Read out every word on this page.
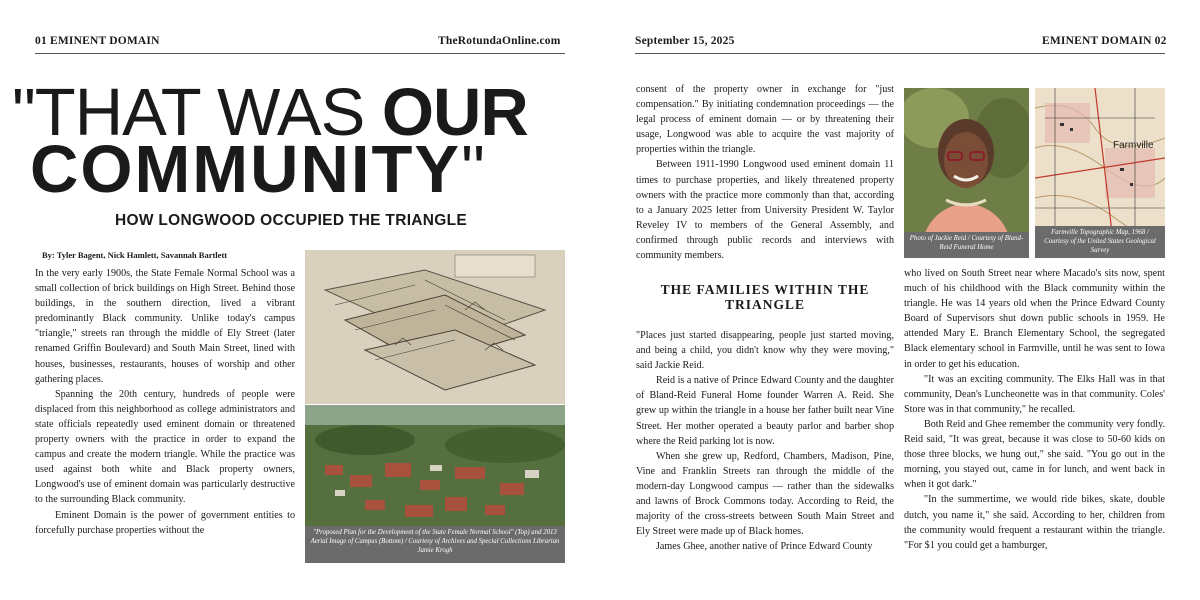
01 EMINENT DOMAIN	TheRotundaOnline.com
"THAT WAS OUR
COMMUNITY"
HOW LONGWOOD OCCUPIED THE TRIANGLE
By: Tyler Bagent, Nick Hamlett, Savannah Bartlett

In the very early 1900s, the State Female Normal School was a small collection of brick buildings on High Street. Behind those buildings, in the southern direction, lived a vibrant predominantly Black community. Unlike today's campus "triangle," streets ran through the middle of Ely Street (later renamed Griffin Boulevard) and South Main Street, lined with houses, businesses, restaurants, houses of worship and other gathering places.

Spanning the 20th century, hundreds of people were displaced from this neighborhood as college administrators and state officials repeatedly used eminent domain or threatened property owners with the practice in order to expand the campus and create the modern triangle. While the practice was used against both white and Black property owners, Longwood's use of eminent domain was particularly destructive to the surrounding Black community.

Eminent Domain is the power of government entities to forcefully purchase properties without the	"Proposed Plan for the Development of the State Female Normal School" (Top) and 2013 Aerial Image of Campus (Bottom) / Courtesy of Archives and Special Collections Librarian Jamie Krogh
September 15, 2025	EMINENT DOMAIN 02

consent of the property owner in exchange for "just compensation." By initiating condemnation proceedings — the legal process of eminent domain — or by threatening their usage, Longwood was able to acquire the vast majority of properties within the triangle.

Between 1911-1990 Longwood used eminent domain 11 times to purchase properties, and likely threatened property owners with the practice more commonly than that, according to a January 2025 letter from University President W. Taylor Reveley IV to members of the General Assembly, and confirmed through public records and interviews with community members.

THE FAMILIES WITHIN THE TRIANGLE

"Places just started disappearing, people just started moving, and being a child, you didn't know why they were moving," said Jackie Reid.

Reid is a native of Prince Edward County and the daughter of Bland-Reid Funeral Home founder Warren A. Reid. She grew up within the triangle in a house her father built near Vine Street. Her mother operated a beauty parlor and barber shop where the Reid parking lot is now.

When she grew up, Redford, Chambers, Madison, Pine, Vine and Franklin Streets ran through the middle of the modern-day Longwood campus — rather than the sidewalks and lawns of Brock Commons today. According to Reid, the majority of the cross-streets between South Main Street and Ely Street were made up of Black homes.

James Ghee, another native of Prince Edward County

Photo of Jackie Reid / Courtesy of Bland-Reid Funeral Home
Farmville
Farmville Topographic Map, 1968 / Courtesy of the United States Geological Survey

who lived on South Street near where Macado's sits now, spent much of his childhood with the Black community within the triangle. He was 14 years old when the Prince Edward County Board of Supervisors shut down public schools in 1959. He attended Mary E. Branch Elementary School, the segregated Black elementary school in Farmville, until he was sent to Iowa in order to get his education.

"It was an exciting community. The Elks Hall was in that community, Dean's Luncheonette was in that community. Coles' Store was in that community," he recalled.

Both Reid and Ghee remember the community very fondly. Reid said, "It was great, because it was close to 50-60 kids on those three blocks, we hung out," she said. "You go out in the morning, you stayed out, came in for lunch, and went back in when it got dark."

"In the summertime, we would ride bikes, skate, double dutch, you name it," she said. According to her, children from the community would frequent a restaurant within the triangle. "For $1 you could get a hamburger,
